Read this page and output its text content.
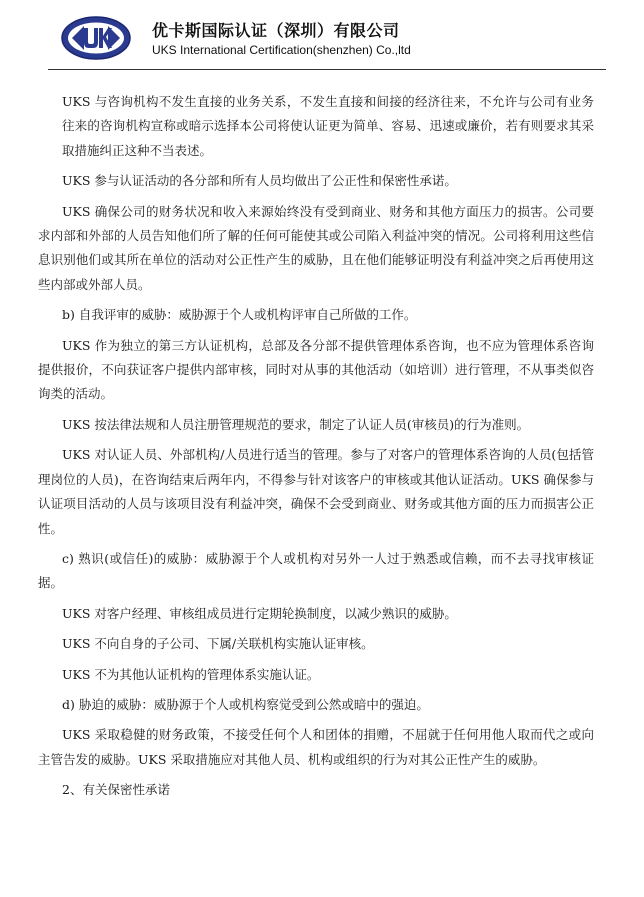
优卡斯国际认证（深圳）有限公司
UKS International Certification(shenzhen) Co.,ltd

UKS 与咨询机构不发生直接的业务关系，不发生直接和间接的经济往来，不允许与公司有业务往来的咨询机构宣称或暗示选择本公司将使认证更为简单、容易、迅速或廉价，若有则要求其采取措施纠正这种不当表述。

UKS 参与认证活动的各分部和所有人员均做出了公正性和保密性承诺。

UKS 确保公司的财务状况和收入来源始终没有受到商业、财务和其他方面压力的损害。公司要求内部和外部的人员告知他们所了解的任何可能使其或公司陷入利益冲突的情况。公司将利用这些信息识别他们或其所在单位的活动对公正性产生的威胁，且在他们能够证明没有利益冲突之后再使用这些内部或外部人员。

b) 自我评审的威胁：威胁源于个人或机构评审自己所做的工作。

UKS 作为独立的第三方认证机构，总部及各分部不提供管理体系咨询，也不应为管理体系咨询提供报价，不向获证客户提供内部审核，同时对从事的其他活动（如培训）进行管理，不从事类似咨询类的活动。

UKS 按法律法规和人员注册管理规范的要求，制定了认证人员(审核员)的行为准则。

UKS 对认证人员、外部机构/人员进行适当的管理。参与了对客户的管理体系咨询的人员(包括管理岗位的人员)，在咨询结束后两年内，不得参与针对该客户的审核或其他认证活动。UKS 确保参与认证项目活动的人员与该项目没有利益冲突，确保不会受到商业、财务或其他方面的压力而损害公正性。

c) 熟识(或信任)的威胁：威胁源于个人或机构对另外一人过于熟悉或信赖，而不去寻找审核证据。

UKS 对客户经理、审核组成员进行定期轮换制度，以减少熟识的威胁。

UKS 不向自身的子公司、下属/关联机构实施认证审核。

UKS 不为其他认证机构的管理体系实施认证。

d) 胁迫的威胁：威胁源于个人或机构察觉受到公然或暗中的强迫。

UKS 采取稳健的财务政策，不接受任何个人和团体的捐赠，不屈就于任何用他人取而代之或向主管告发的威胁。UKS 采取措施应对其他人员、机构或组织的行为对其公正性产生的威胁。

2、有关保密性承诺
